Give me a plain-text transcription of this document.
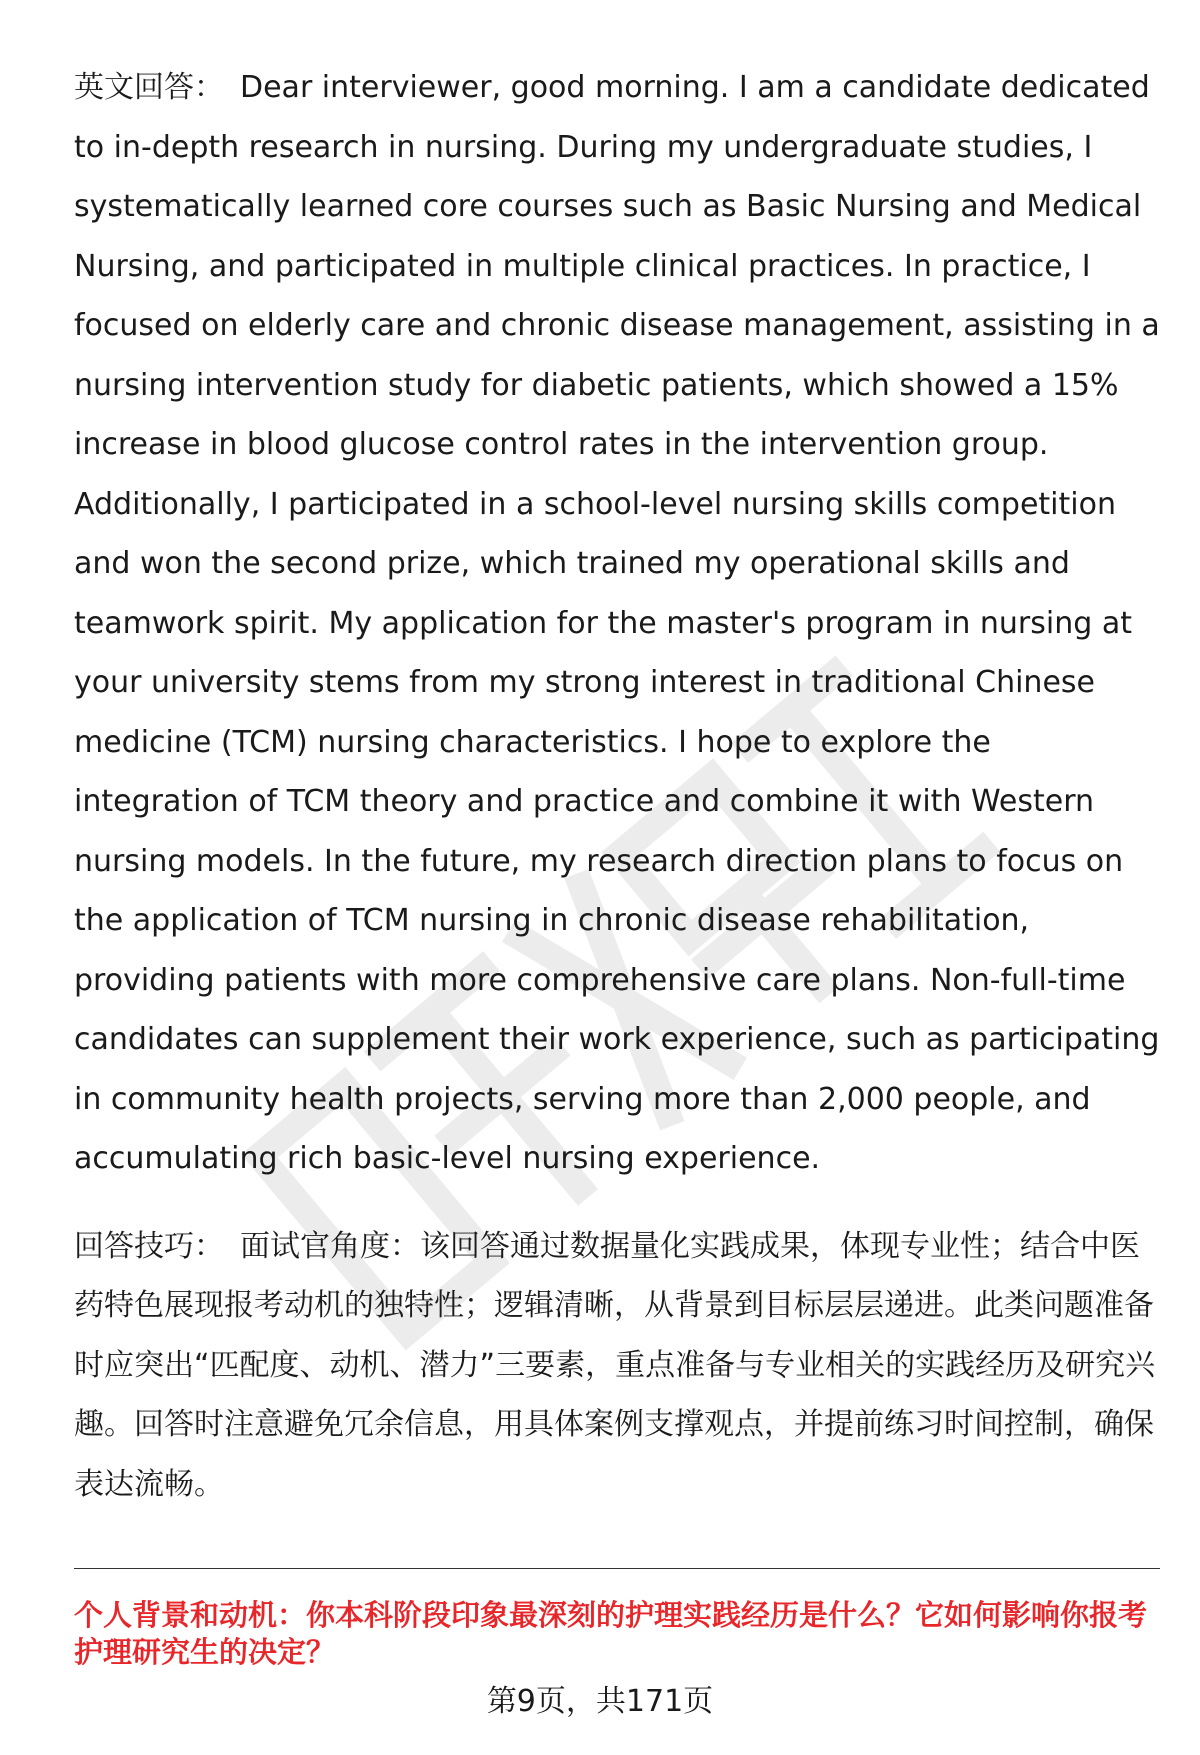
英文回答： Dear interviewer, good morning. I am a candidate dedicated to in-depth research in nursing. During my undergraduate studies, I systematically learned core courses such as Basic Nursing and Medical Nursing, and participated in multiple clinical practices. In practice, I focused on elderly care and chronic disease management, assisting in a nursing intervention study for diabetic patients, which showed a 15% increase in blood glucose control rates in the intervention group. Additionally, I participated in a school-level nursing skills competition and won the second prize, which trained my operational skills and teamwork spirit. My application for the master's program in nursing at your university stems from my strong interest in traditional Chinese medicine (TCM) nursing characteristics. I hope to explore the integration of TCM theory and practice and combine it with Western nursing models. In the future, my research direction plans to focus on the application of TCM nursing in chronic disease rehabilitation, providing patients with more comprehensive care plans. Non-full-time candidates can supplement their work experience, such as participating in community health projects, serving more than 2,000 people, and accumulating rich basic-level nursing experience.

回答技巧： 面试官角度：该回答通过数据量化实践成果，体现专业性；结合中医药特色展现报考动机的独特性；逻辑清晰，从背景到目标层层递进。此类问题准备时应突出“匹配度、动机、潜力”三要素，重点准备与专业相关的实践经历及研究兴趣。回答时注意避免冗余信息，用具体案例支撑观点，并提前练习时间控制，确保表达流畅。

个人背景和动机：你本科阶段印象最深刻的护理实践经历是什么？它如何影响你报考护理研究生的决定？
第9页，共171页
